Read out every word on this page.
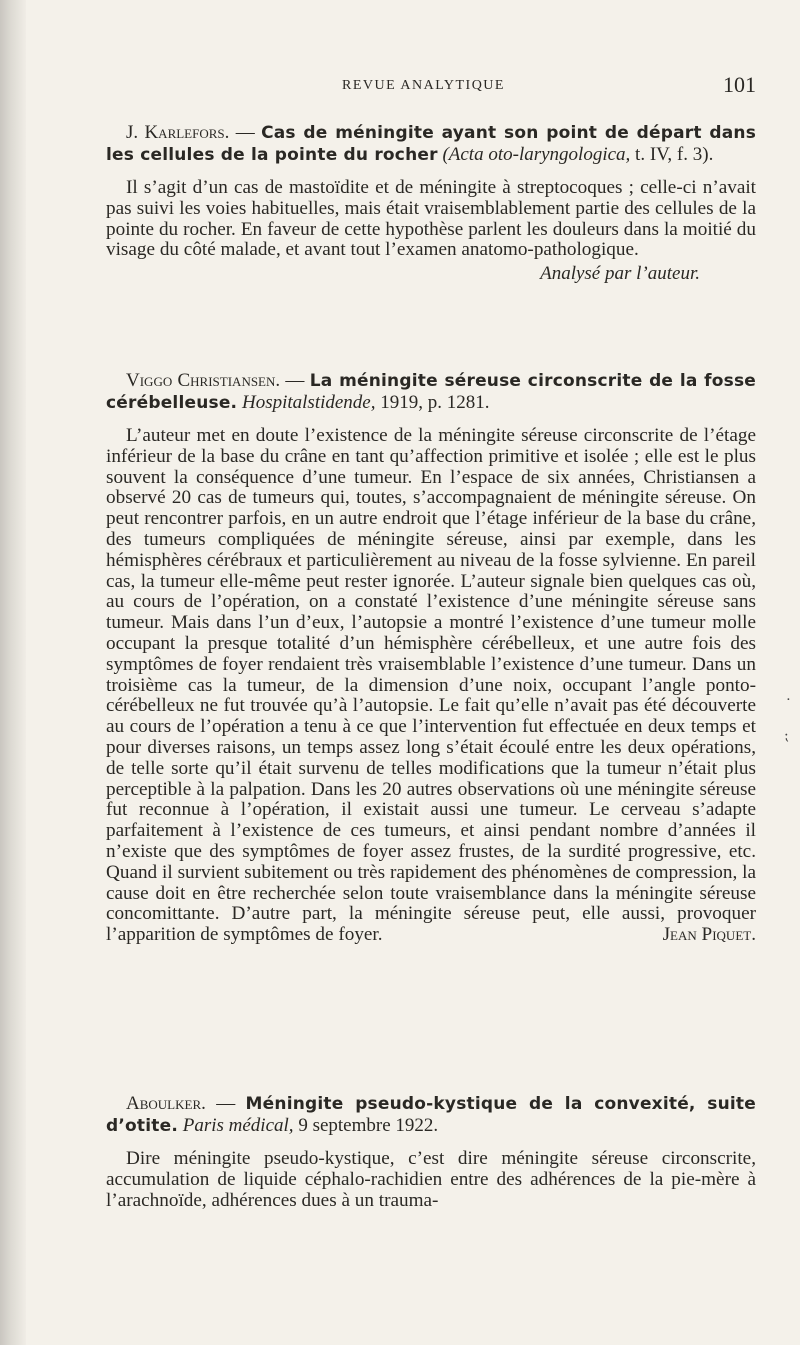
REVUE ANALYTIQUE	101

J. Karlefors. — Cas de méningite ayant son point de départ dans les cellules de la pointe du rocher (Acta oto-laryngologica, t. IV, f. 3).

Il s’agit d’un cas de mastoïdite et de méningite à streptocoques ; celle-ci n’avait pas suivi les voies habituelles, mais était vraisemblablement partie des cellules de la pointe du rocher. En faveur de cette hypothèse parlent les douleurs dans la moitié du visage du côté malade, et avant tout l’examen anatomo-pathologique.

Analysé par l’auteur.

Viggo Christiansen. — La méningite séreuse circonscrite de la fosse cérébelleuse. Hospitalstidende, 1919, p. 1281.

L’auteur met en doute l’existence de la méningite séreuse circonscrite de l’étage inférieur de la base du crâne en tant qu’affection primitive et isolée ; elle est le plus souvent la conséquence d’une tumeur. En l’espace de six années, Christiansen a observé 20 cas de tumeurs qui, toutes, s’accompagnaient de méningite séreuse. On peut rencontrer parfois, en un autre endroit que l’étage inférieur de la base du crâne, des tumeurs compliquées de méningite séreuse, ainsi par exemple, dans les hémisphères cérébraux et particulièrement au niveau de la fosse sylvienne. En pareil cas, la tumeur elle-même peut rester ignorée. L’auteur signale bien quelques cas où, au cours de l’opération, on a constaté l’existence d’une méningite séreuse sans tumeur. Mais dans l’un d’eux, l’autopsie a montré l’existence d’une tumeur molle occupant la presque totalité d’un hémisphère cérébelleux, et une autre fois des symptômes de foyer rendaient très vraisemblable l’existence d’une tumeur. Dans un troisième cas la tumeur, de la dimension d’une noix, occupant l’angle ponto-cérébelleux ne fut trouvée qu’à l’autopsie. Le fait qu’elle n’avait pas été découverte au cours de l’opération a tenu à ce que l’intervention fut effectuée en deux temps et pour diverses raisons, un temps assez long s’était écoulé entre les deux opérations, de telle sorte qu’il était survenu de telles modifications que la tumeur n’était plus perceptible à la palpation. Dans les 20 autres observations où une méningite séreuse fut reconnue à l’opération, il existait aussi une tumeur. Le cerveau s’adapte parfaitement à l’existence de ces tumeurs, et ainsi pendant nombre d’années il n’existe que des symptômes de foyer assez frustes, de la surdité progressive, etc. Quand il survient subitement ou très rapidement des phénomènes de compression, la cause doit en être recherchée selon toute vraisemblance dans la méningite séreuse concomittante. D’autre part, la méningite séreuse peut, elle aussi, provoquer l’apparition de symptômes de foyer.	Jean Piquet.

Aboulker. — Méningite pseudo-kystique de la convexité, suite d’otite. Paris médical, 9 septembre 1922.

Dire méningite pseudo-kystique, c’est dire méningite séreuse circonscrite, accumulation de liquide céphalo-rachidien entre des adhérences de la pie-mère à l’arachnoïde, adhérences dues à un trauma-

⋅
⁏
